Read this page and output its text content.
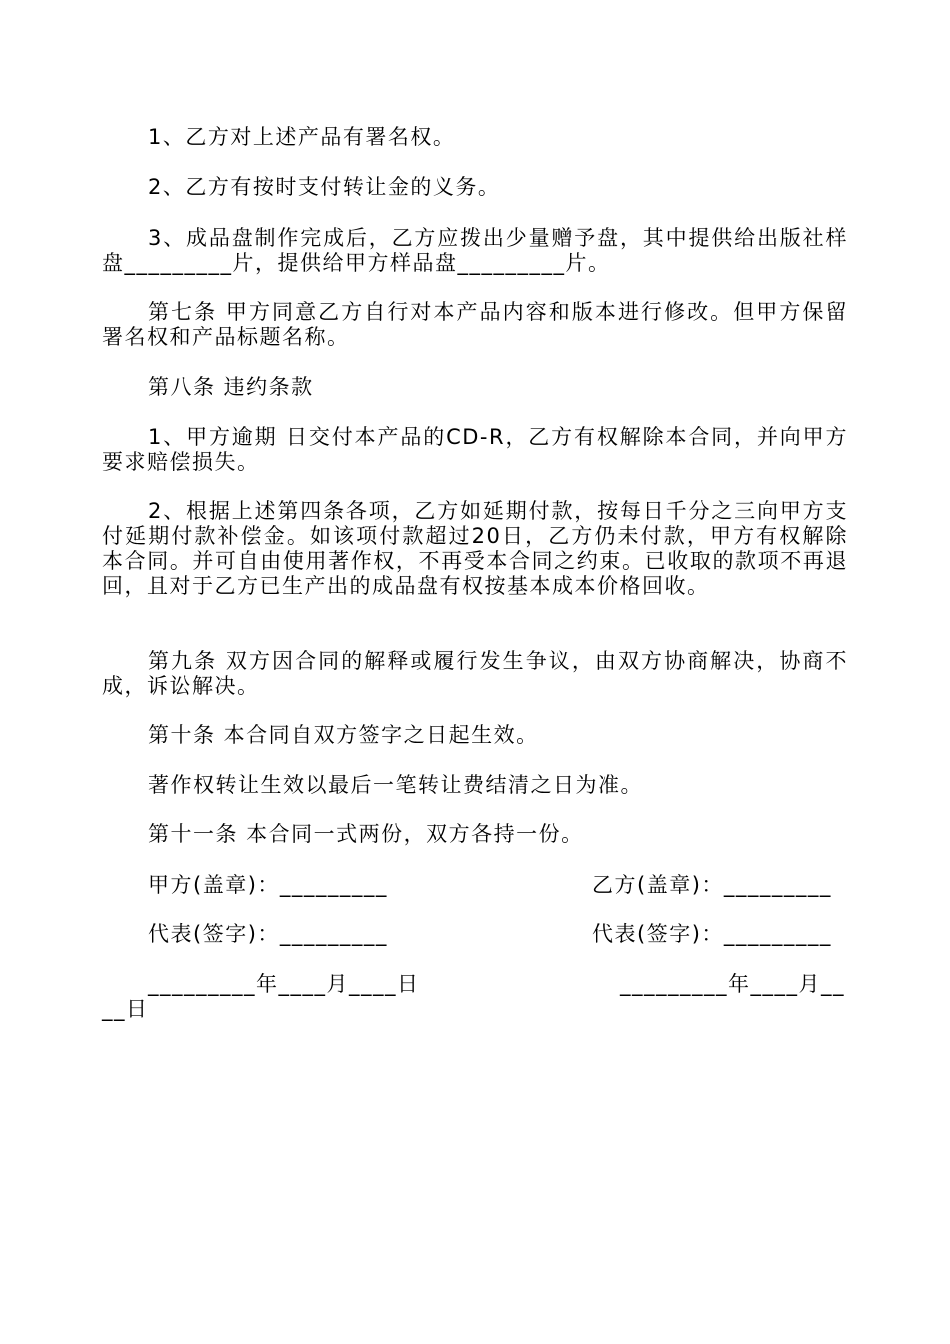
1、乙方对上述产品有署名权。
2、乙方有按时支付转让金的义务。
3、成品盘制作完成后，乙方应拨出少量赠予盘，其中提供给出版社样盘_________片，提供给甲方样品盘_________片。
第七条 甲方同意乙方自行对本产品内容和版本进行修改。但甲方保留署名权和产品标题名称。
第八条 违约条款
1、甲方逾期 日交付本产品的CD-R，乙方有权解除本合同，并向甲方要求赔偿损失。
2、根据上述第四条各项，乙方如延期付款，按每日千分之三向甲方支付延期付款补偿金。如该项付款超过20日，乙方仍未付款，甲方有权解除本合同。并可自由使用著作权，不再受本合同之约束。已收取的款项不再退回，且对于乙方已生产出的成品盘有权按基本成本价格回收。
第九条 双方因合同的解释或履行发生争议，由双方协商解决，协商不成，诉讼解决。
第十条 本合同自双方签字之日起生效。
著作权转让生效以最后一笔转让费结清之日为准。
第十一条 本合同一式两份，双方各持一份。
甲方(盖章)：_________	乙方(盖章)：_________
代表(签字)：_________	代表(签字)：_________
_________年____月____日	_________年____月__
__日
